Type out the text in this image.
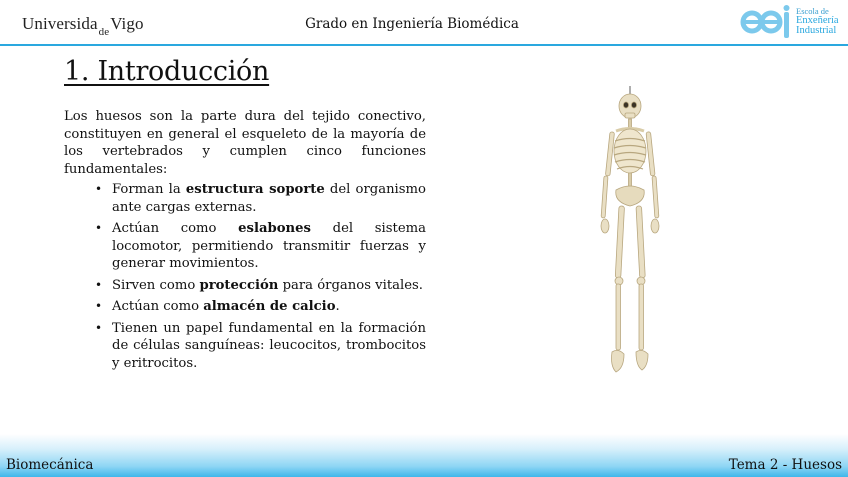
Universida$_{de}$Vigo	Grado en Ingeniería Biomédica
Escola de
Enxeñería
Industrial
1. Introducción

Los huesos son la parte dura del tejido conectivo, constituyen en general el esqueleto de la mayoría de los vertebrados y cumplen cinco funciones fundamentales:

• Forman la estructura soporte del organismo ante cargas externas.
• Actúan como eslabones del sistema locomotor, permitiendo transmitir fuerzas y generar movimientos.
• Sirven como protección para órganos vitales.
• Actúan como almacén de calcio.
• Tienen un papel fundamental en la formación de células sanguíneas: leucocitos, trombocitos y eritrocitos.
Biomecánica	Tema 2 - Huesos
